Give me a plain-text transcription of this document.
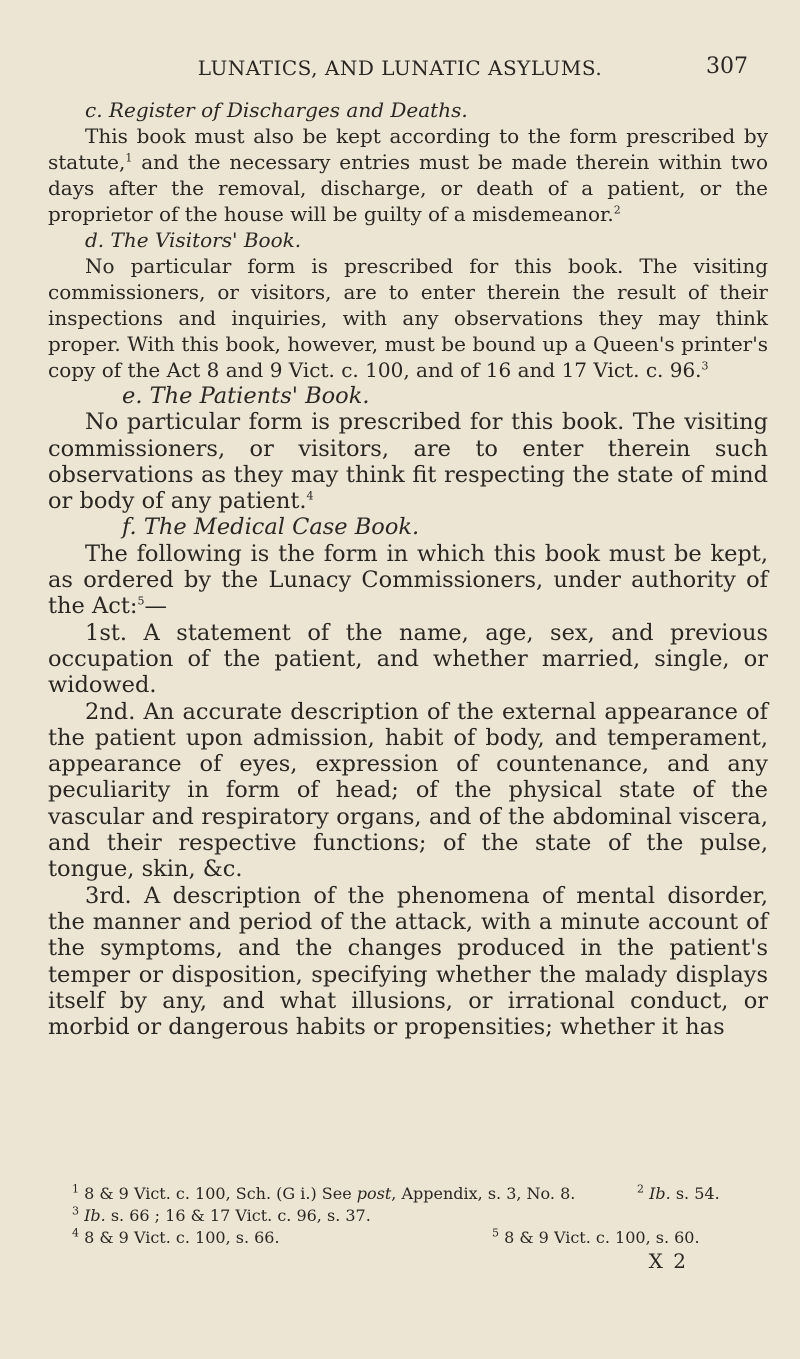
LUNATICS, AND LUNATIC ASYLUMS.	307

c. Register of Discharges and Deaths.

This book must also be kept according to the form prescribed by statute,$^1$ and the necessary entries must be made therein within two days after the removal, discharge, or death of a patient, or the proprietor of the house will be guilty of a misdemeanor.$^2$

d. The Visitors' Book.

No particular form is prescribed for this book. The visiting commissioners, or visitors, are to enter therein the result of their inspections and inquiries, with any observations they may think proper. With this book, however, must be bound up a Queen's printer's copy of the Act 8 and 9 Vict. c. 100, and of 16 and 17 Vict. c. 96.$^3$

e. The Patients' Book.

No particular form is prescribed for this book. The visiting commissioners, or visitors, are to enter therein such observations as they may think fit respecting the state of mind or body of any patient.$^4$

f. The Medical Case Book.

The following is the form in which this book must be kept, as ordered by the Lunacy Commissioners, under authority of the Act:$^5$—

1st. A statement of the name, age, sex, and previous occupation of the patient, and whether married, single, or widowed.

2nd. An accurate description of the external appearance of the patient upon admission, habit of body, and temperament, appearance of eyes, expression of countenance, and any peculiarity in form of head; of the physical state of the vascular and respiratory organs, and of the abdominal viscera, and their respective functions; of the state of the pulse, tongue, skin, &c.

3rd. A description of the phenomena of mental disorder, the manner and period of the attack, with a minute account of the symptoms, and the changes produced in the patient's temper or disposition, specifying whether the malady displays itself by any, and what illusions, or irrational conduct, or morbid or dangerous habits or propensities; whether it has

$^1$ 8 & 9 Vict. c. 100, Sch. (G i.) See post, Appendix, s. 3, No. 8.	$^2$ Ib. s. 54.
$^3$ Ib. s. 66 ; 16 & 17 Vict. c. 96, s. 37.
$^4$ 8 & 9 Vict. c. 100, s. 66.	$^5$ 8 & 9 Vict. c. 100, s. 60.
X 2
